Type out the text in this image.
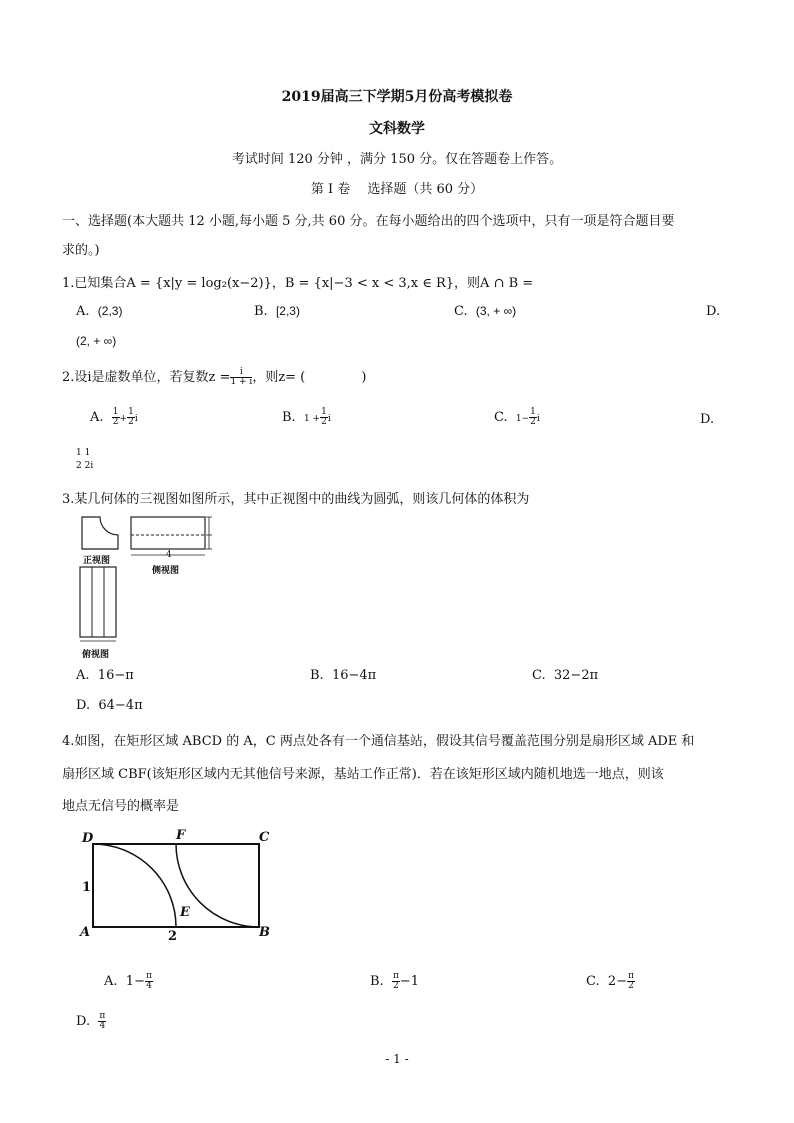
2019届高三下学期5月份高考模拟卷
文科数学
考试时间 120 分钟 ，满分 150 分。仅在答题卷上作答。
第 I 卷　 选择题（共 60 分）
一、选择题(本大题共 12 小题,每小题 5 分,共 60 分。在每小题给出的四个选项中，只有一项是符合题目要
求的。)
1.已知集合A = {x|y = log₂(x−2)}，B = {x|−3 < x < 3,x ∈ R}，则A ∩ B =
A. (2,3)	B. [2,3)	C. (3, + ∞)	D.
(2, + ∞)
2.设i是虚数单位，若复数$z = \frac{i}{1 + i}$ ，则z= (　　　　 )
A. $\frac{1}{2} + \frac{1}{2}$ i	B. $1 + \frac{1}{2}$ i	C. $1- \frac{1}{2}$ i	D.
1 1
2 2i
3.某几何体的三视图如图所示，其中正视图中的曲线为圆弧，则该几何体的体积为
正视图
侧视图
4
俯视图
A. 16−π	B. 16−4π	C. 32−2π
D. 64−4π
4.如图，在矩形区域 ABCD 的 A，C 两点处各有一个通信基站，假设其信号覆盖范围分别是扇形区域 ADE 和
扇形区域 CBF(该矩形区域内无其他信号来源，基站工作正常)．若在该矩形区域内随机地选一地点，则该
地点无信号的概率是
D	F	C
A	B
E
1
2
A. $1- \frac{\pi}{4}$	B. $\frac{\pi}{2} -1$	C. $2- \frac{\pi}{2}$
D. $\frac{\pi}{4}$
- 1 -
